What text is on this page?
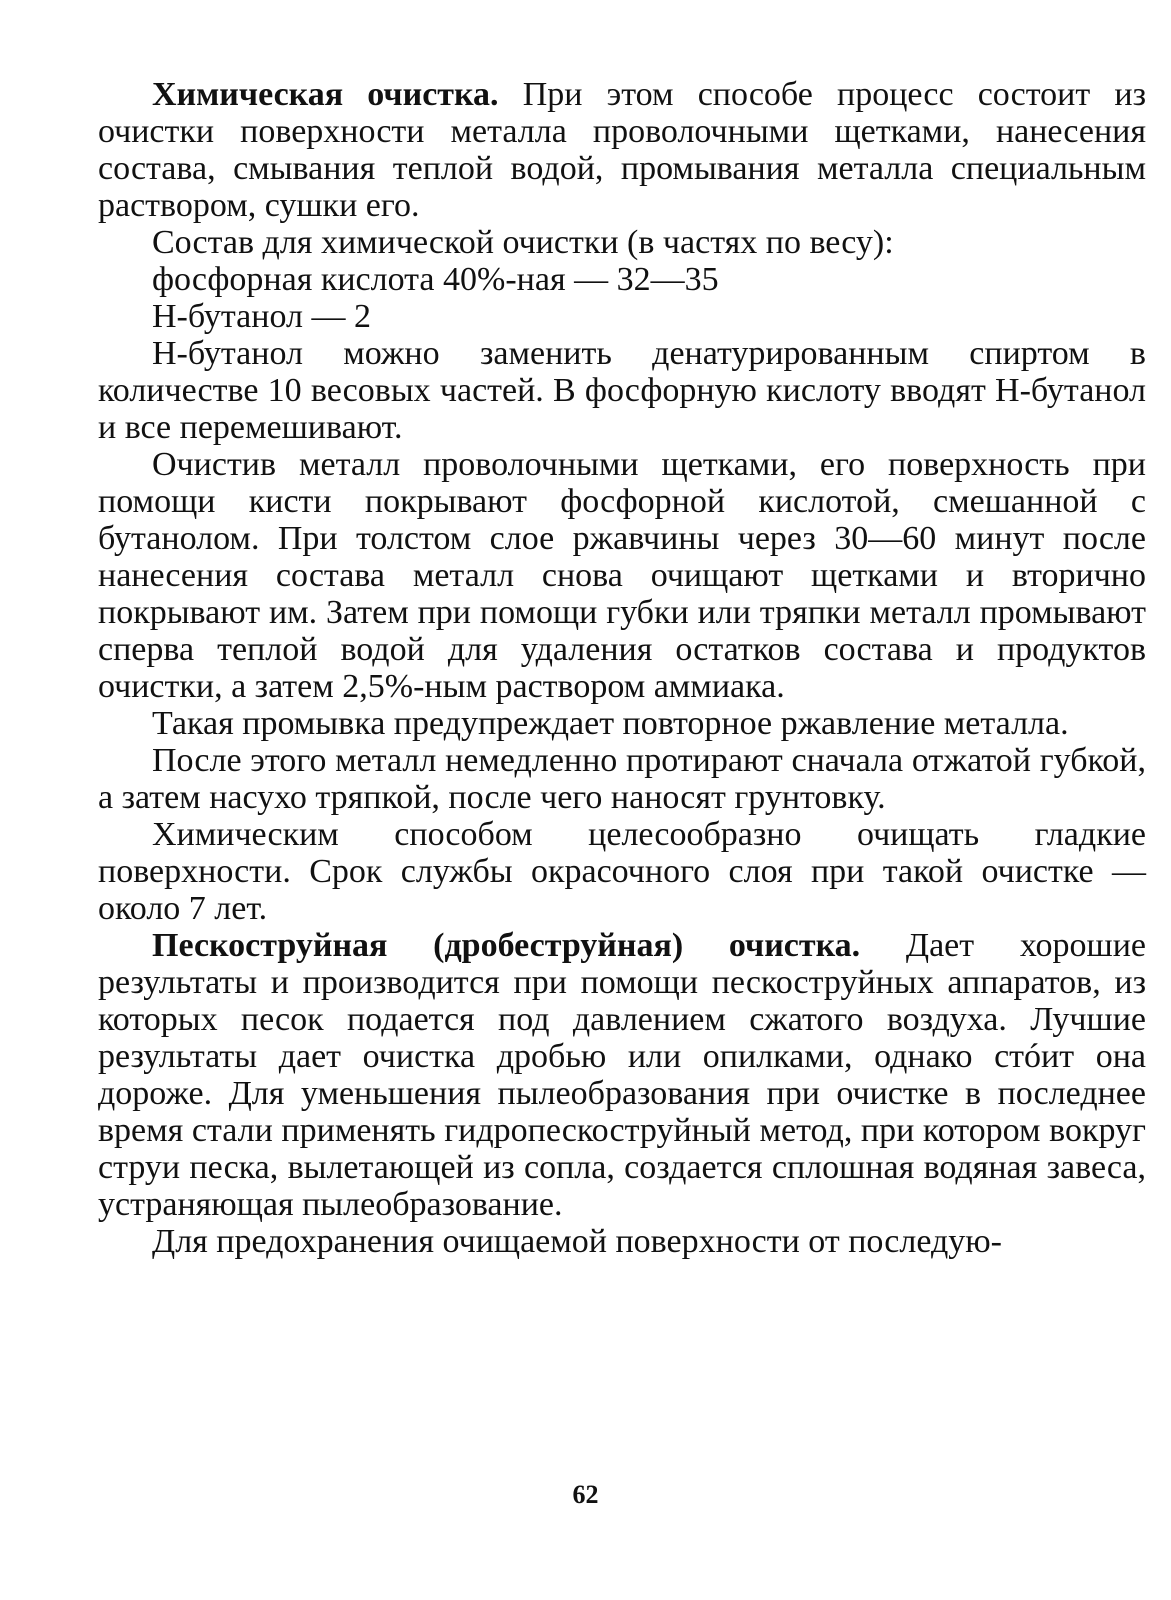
Химическая очистка. При этом способе процесс состоит из очистки поверхности металла проволочными щетками, нанесения состава, смывания теплой водой, промывания металла специальным раствором, сушки его.

Состав для химической очистки (в частях по весу):
фосфорная кислота 40%-ная — 32—35
Н-бутанол — 2

Н-бутанол можно заменить денатурированным спиртом в количестве 10 весовых частей. В фосфорную кислоту вводят Н-бутанол и все перемешивают.

Очистив металл проволочными щетками, его поверхность при помощи кисти покрывают фосфорной кислотой, смешанной с бутанолом. При толстом слое ржавчины через 30—60 минут после нанесения состава металл снова очищают щетками и вторично покрывают им. Затем при помощи губки или тряпки металл промывают сперва теплой водой для удаления остатков состава и продуктов очистки, а затем 2,5%-ным раствором аммиака.

Такая промывка предупреждает повторное ржавление металла.

После этого металл немедленно протирают сначала отжатой губкой, а затем насухо тряпкой, после чего наносят грунтовку.

Химическим способом целесообразно очищать гладкие поверхности. Срок службы окрасочного слоя при такой очистке — около 7 лет.

Пескоструйная (дробеструйная) очистка. Дает хорошие результаты и производится при помощи пескоструйных аппаратов, из которых песок подается под давлением сжатого воздуха. Лучшие результаты дает очистка дробью или опилками, однако стóит она дороже. Для уменьшения пылеобразования при очистке в последнее время стали применять гидропескоструйный метод, при котором вокруг струи песка, вылетающей из сопла, создается сплошная водяная завеса, устраняющая пылеобразование.

Для предохранения очищаемой поверхности от последую-

62
